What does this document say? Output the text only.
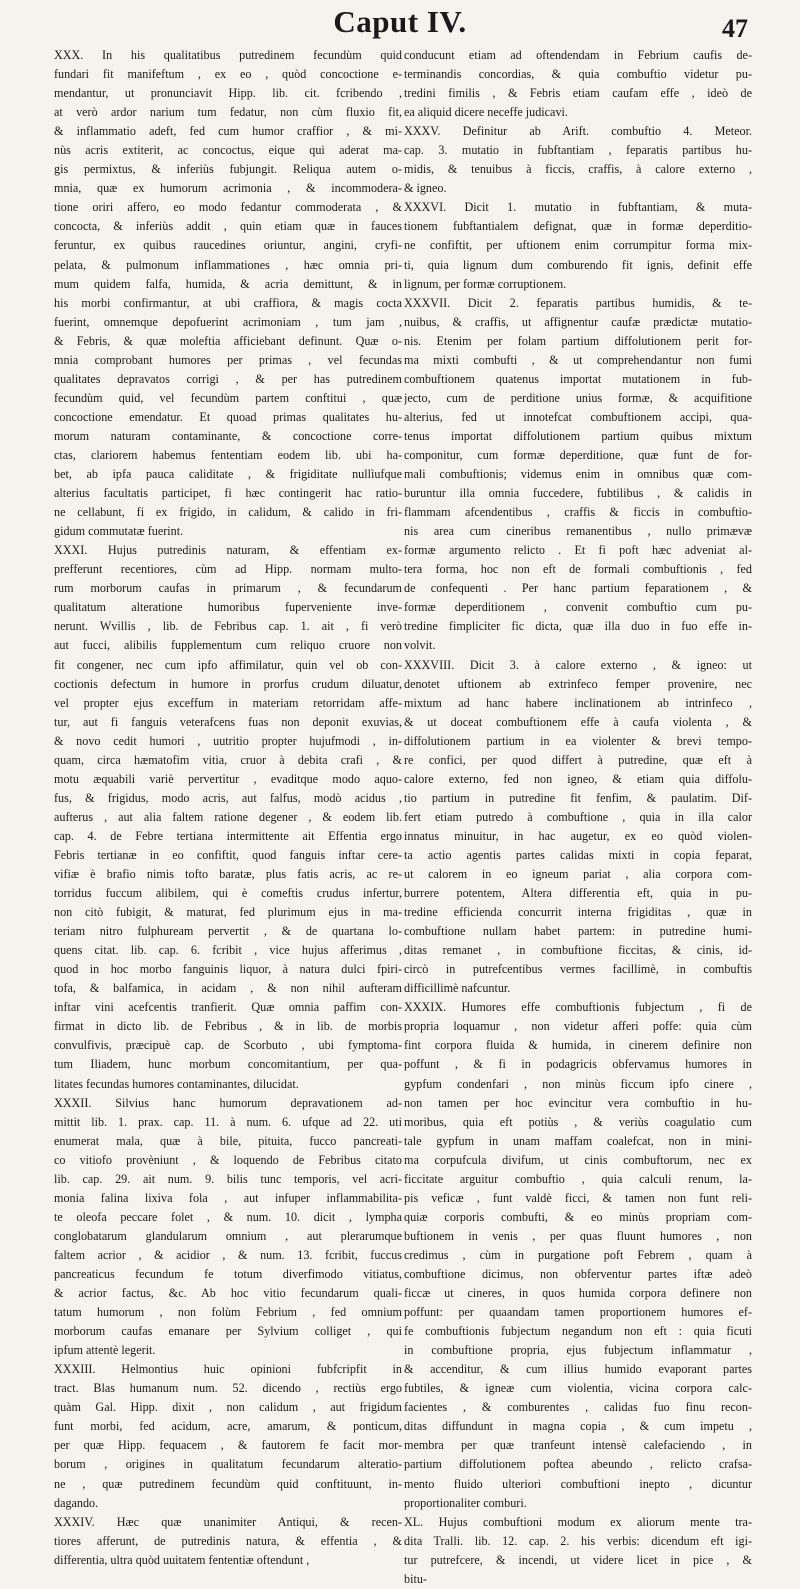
Caput IV.	47
XXX. In his qualitatibus putredinem fecundùm quid
fundari fit manifeftum , ex eo , quòd concoctione e-
mendantur, ut pronunciavit Hipp. lib. cit. fcribendo ,
at verò ardor narium tum fedatur, non cùm fluxio fit,
& inflammatio adeft, fed cum humor craffior , & mi-
nùs acris extiterit, ac concoctus, eique qui aderat ma-
gis permixtus, & inferiùs fubjungit. Reliqua autem o-
mnia, quæ ex humorum acrimonia , & incommodera-
tione oriri affero, eo modo fedantur commoderata , &
concocta, & inferiùs addit , quin etiam quæ in fauces
feruntur, ex quibus raucedines oriuntur, angini, cryfi-
pelata, & pulmonum inflammationes , hæc omnia pri-
mum quidem falfa, humida, & acria demittunt, & in
his morbi confirmantur, at ubi craffiora, & magis cocta
fuerint, omnemque depofuerint acrimoniam , tum jam ,
& Febris, & quæ moleftia afficiebant definunt. Quæ o-
mnia comprobant humores per primas , vel fecundas
qualitates depravatos corrigi , & per has putredinem
fecundùm quid, vel fecundùm partem conftitui , quæ
concoctione emendatur. Et quoad primas qualitates hu-
morum naturam contaminante, & concoctione corre-
ctas, clariorem habemus fententiam eodem lib. ubi ha-
bet, ab ipfa pauca caliditate , & frigiditate nullìufque
alterius facultatis participet, fi hæc contingerit hac ratio-
ne cellabunt, fi ex frigido, in calidum, & calido in fri-
gidum commutatæ fuerint.
XXXI. Hujus putredinis naturam, & effentiam ex-
prefferunt recentiores, cùm ad Hipp. normam multo-
rum morborum caufas in primarum , & fecundarum
qualitatum alteratione humoribus fuperveniente inve-
nerunt. Wvillis , lib. de Febribus cap. 1. ait , fi verò
aut fucci, alibilis fupplementum cum reliquo cruore non
fit congener, nec cum ipfo affimilatur, quin vel ob con-
coctionis defectum in humore in prorfus crudum diluatur,
vel propter ejus exceffum in materiam retorridam affe-
tur, aut fi fanguis veterafcens fuas non deponit exuvias,
& novo cedit humori , uutritio propter hujufmodi , in-
quam, circa hæmatofim vitia, cruor à debita crafi , &
motu æquabili variè pervertitur , evaditque modo aquo-
fus, & frigidus, modo acris, aut falfus, modò acidus ,
aufterus , aut alia faltem ratione degener , & eodem lib.
cap. 4. de Febre tertiana intermittente ait Effentia ergo
Febris tertianæ in eo confiftit, quod fanguis inftar cere-
vifiæ è brafio nimis tofto baratæ, plus fatis acris, ac re-
torridus fuccum alibilem, qui è comeftis crudus infertur,
non citò fubigit, & maturat, fed plurimum ejus in ma-
teriam nitro fulphuream pervertit , & de quartana lo-
quens citat. lib. cap. 6. fcribit , vice hujus afferimus ,
quod in hoc morbo fanguinis liquor, à natura dulci fpiri-
tofa, & balfamica, in acidam , & non nihil aufteram
inftar vini acefcentis tranfierit. Quæ omnia paffim con-
firmat in dicto lib. de Febribus , & in lib. de morbis
convulfivis, præcipuè cap. de Scorbuto , ubi fymptoma-
tum Iliadem, hunc morbum concomitantium, per qua-
litates fecundas humores contaminantes, dilucidat.
XXXII. Silvius hanc humorum depravationem ad-
mittit lib. 1. prax. cap. 11. à num. 6. ufque ad 22. uti
enumerat mala, quæ à bile, pituita, fucco pancreati-
co vitiofo provèniunt , & loquendo de Febribus citato
lib. cap. 29. ait num. 9. bilis tunc temporis, vel acri-
monia falina lixiva fola , aut infuper inflammabilita-
te oleofa peccare folet , & num. 10. dicit , lympha
conglobatarum glandularum omnium , aut plerarumque
faltem acrior , & acidior , & num. 13. fcribit, fuccus
pancreaticus fecundum fe totum diverfimodo vitiatus,
& acrior factus, &c. Ab hoc vitio fecundarum quali-
tatum humorum , non folùm Febrium , fed omnium
morborum caufas emanare per Sylvium colliget , qui
ipfum attentè legerit.
XXXIII. Helmontius huic opinioni fubfcripfit in
tract. Blas humanum num. 52. dicendo , rectiùs ergo
quàm Gal. Hipp. dixit , non calidum , aut frigidum
funt morbi, fed acidum, acre, amarum, & ponticum,
per quæ Hipp. fequacem , & fautorem fe facit mor-
borum , origines in qualitatum fecundarum alteratio-
ne , quæ putredinem fecundùm quid conftituunt, in-
dagando.
XXXIV. Hæc quæ unanimiter Antiqui, & recen-
tiores afferunt, de putredinis natura, & effentia , &
differentia, ultra quòd uuitatem fententiæ oftendunt ,
conducunt etiam ad oftendendam in Febrium caufis de-
terminandis concordias, & quia combuftio videtur pu-
tredini fimilis , & Febris etiam caufam effe , ideò de
ea aliquid dicere neceffe judicavi.
XXXV. Definitur ab Arift. combuftio 4. Meteor.
cap. 3. mutatio in fubftantiam , feparatis partibus hu-
midis, & tenuibus à ficcis, craffis, à calore externo ,
& igneo.
XXXVI. Dicit 1. mutatio in fubftantiam, & muta-
tionem fubftantialem defignat, quæ in formæ deperditio-
ne confiftit, per uftionem enim corrumpitur forma mix-
ti, quia lignum dum comburendo fit ignis, definit effe
lignum, per formæ corruptionem.
XXXVII. Dicit 2. feparatis partibus humidis, & te-
nuibus, & craffis, ut affignentur caufæ prædictæ mutatio-
nis. Etenim per folam partium diffolutionem perit for-
ma mixti combufti , & ut comprehendantur non fumi
combuftionem quatenus importat mutationem in fub-
jecto, cum de perditione unius formæ, & acquifitione
alterius, fed ut innotefcat combuftionem accipi, qua-
tenus importat diffolutionem partium quibus mixtum
componitur, cum formæ deperditione, quæ funt de for-
mali combuftionis; videmus enim in omnibus quæ com-
buruntur illa omnia fuccedere, fubtilibus , & calidis in
flammam afcendentibus , craffis & ficcis in combuftio-
nis area cum cineribus remanentibus , nullo primævæ
formæ argumento relicto . Et fi poft hæc adveniat al-
tera forma, hoc non eft de formali combuftionis , fed
de confequenti . Per hanc partium feparationem , &
formæ deperditionem , convenit combuftio cum pu-
tredine fimpliciter fic dicta, quæ illa duo in fuo effe in-
volvit.
XXXVIII. Dicit 3. à calore externo , & igneo: ut
denotet uftionem ab extrinfeco femper provenire, nec
mixtum ad hanc habere inclinationem ab intrinfeco ,
& ut doceat combuftionem effe à caufa violenta , &
diffolutionem partium in ea violenter & brevi tempo-
re confici, per quod differt à putredine, quæ eft à
calore externo, fed non igneo, & etiam quia diffolu-
tio partium in putredine fit fenfim, & paulatim. Dif-
fert etiam putredo à combuftione , quia in illa calor
innatus minuitur, in hac augetur, ex eo quòd violen-
ta actio agentis partes calidas mixti in copia feparat,
ut calorem in eo igneum pariat , alia corpora com-
burrere potentem, Altera differentia eft, quia in pu-
tredine efficienda concurrit interna frigiditas , quæ in
combuftione nullam habet partem: in putredine humi-
ditas remanet , in combuftione ficcitas, & cinis, id-
circò in putrefcentibus vermes facillimè, in combuftis
difficillimè nafcuntur.
XXXIX. Humores effe combuftionis fubjectum , fi de
propria loquamur , non videtur afferi poffe: quia cùm
fint corpora fluida & humida, in cinerem definire non
poffunt , & fi in podagricis obfervamus humores in
gypfum condenfari , non minùs ficcum ipfo cinere ,
non tamen per hoc evincitur vera combuftio in hu-
moribus, quia eft potiùs , & veriùs coagulatio cum
tale gypfum in unam maffam coalefcat, non in mini-
ma corpufcula divifum, ut cinis combuftorum, nec ex
ficcitate arguitur combuftio , quia calculi renum, la-
pis veficæ , funt valdè ficci, & tamen non funt reli-
quiæ corporis combufti, & eo minùs propriam com-
buftionem in venis , per quas fluunt humores , non
credimus , cùm in purgatione poft Febrem , quam à
combuftione dicimus, non obferventur partes iftæ adeò
ficcæ ut cineres, in quos humida corpora definere non
poffunt: per quaandam tamen proportionem humores ef-
fe combuftionis fubjectum negandum non eft : quia ficuti
in combuftione propria, ejus fubjectum inflammatur ,
& accenditur, & cum illius humido evaporant partes
fubtiles, & igneæ cum violentia, vicina corpora calc-
facientes , & comburentes , calidas fuo finu recon-
ditas diffundunt in magna copia , & cum impetu ,
membra per quæ tranfeunt intensè calefaciendo , in
partium diffolutionem poftea abeundo , relicto crafsa-
mento fluido ulteriori combuftioni inepto , dicuntur
proportionaliter comburi.
XL. Hujus combuftioni modum ex aliorum mente tra-
dita Tralli. lib. 12. cap. 2. his verbis: dicendum eft igi-
tur putrefcere, & incendi, ut videre licet in pice , &
bitu-
